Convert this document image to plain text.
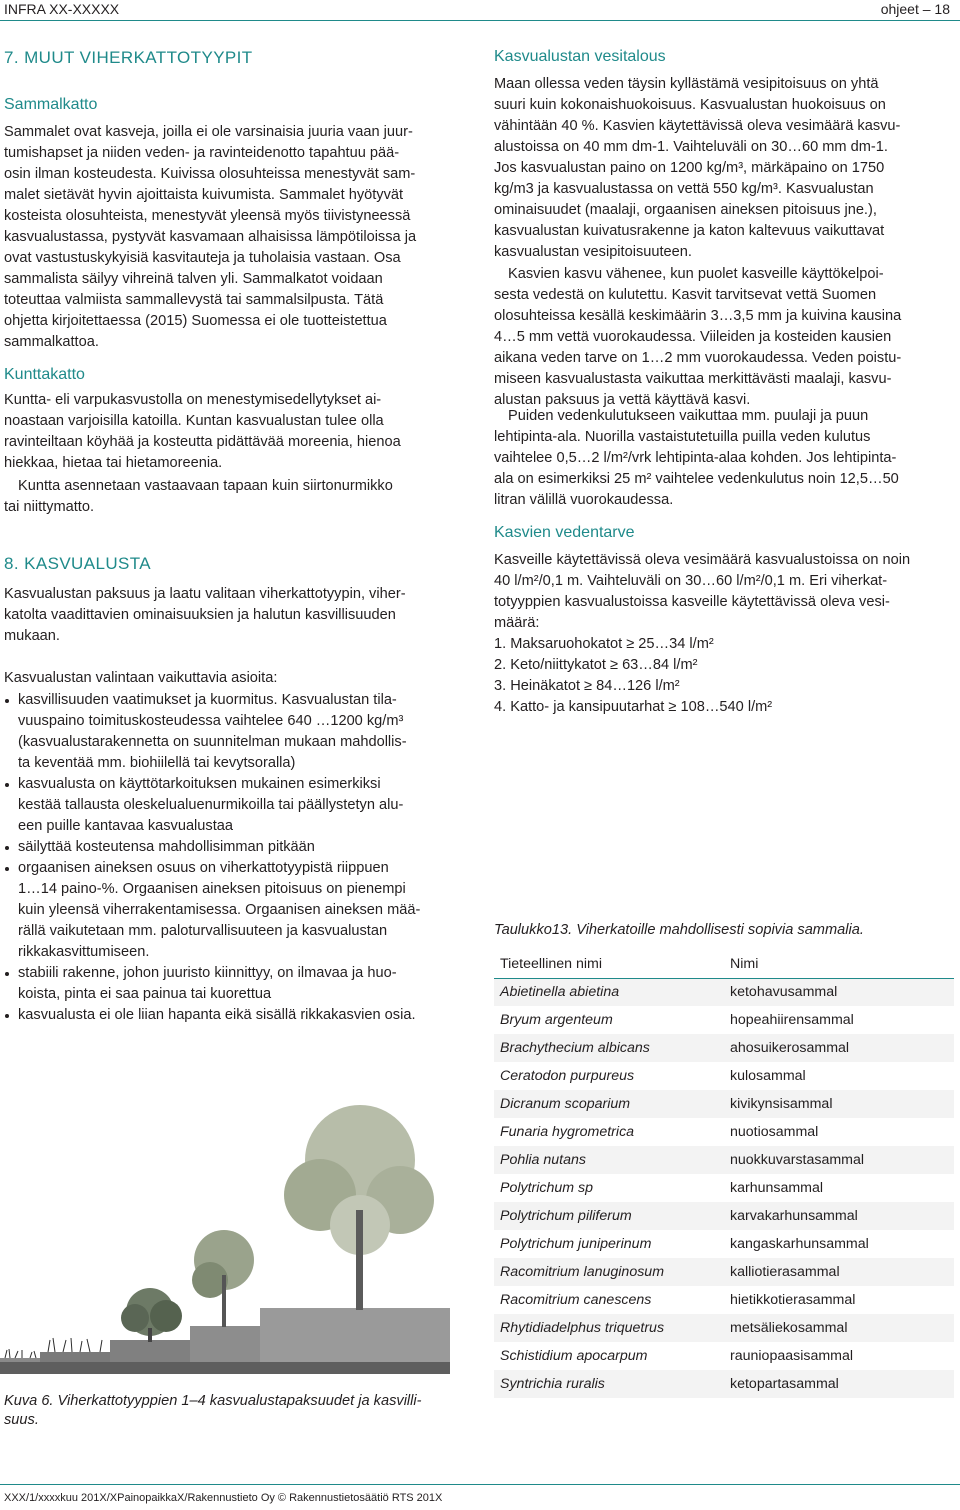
INFRA XX-XXXXX	ohjeet – 18
7. MUUT VIHERKATTOTYYPIT
Sammalkatto
Sammalet ovat kasveja, joilla ei ole varsinaisia juuria vaan juur-
tumishapset ja niiden veden- ja ravinteidenotto tapahtuu pää-
osin ilman kosteudesta. Kuivissa olosuhteissa menestyvät sam-
malet sietävät hyvin ajoittaista kuivumista. Sammalet hyötyvät
kosteista olosuhteista, menestyvät yleensä myös tiivistyneessä
kasvualustassa, pystyvät kasvamaan alhaisissa lämpötiloissa ja
ovat vastustuskykyisiä kasvitauteja ja tuholaisia vastaan. Osa
sammalista säilyy vihreinä talven yli. Sammalkatot voidaan
toteuttaa valmiista sammallevystä tai sammalsilpusta. Tätä
ohjetta kirjoitettaessa (2015) Suomessa ei ole tuotteistettua
sammalkattoa.
Kunttakatto
Kuntta- eli varpukasvustolla on menestymisedellytykset ai-
noastaan varjoisilla katoilla. Kuntan kasvualustan tulee olla
ravinteiltaan köyhää ja kosteutta pidättävää moreenia, hienoa
hiekkaa, hietaa tai hietamoreenia.
Kuntta asennetaan vastaavaan tapaan kuin siirtonurmikko
tai niittymatto.
8. KASVUALUSTA
Kasvualustan paksuus ja laatu valitaan viherkattotyypin, viher-
katolta vaadittavien ominaisuuksien ja halutun kasvillisuuden
mukaan.
Kasvualustan valintaan vaikuttavia asioita:
kasvillisuuden vaatimukset ja kuormitus. Kasvualustan tila-
vuuspaino toimituskosteudessa vaihtelee 640 …1200 kg/m³
(kasvualustarakennetta on suunnitelman mukaan mahdollis-
ta keventää mm. biohiilellä tai kevytsoralla)
kasvualusta on käyttötarkoituksen mukainen esimerkiksi
kestää tallausta oleskelualuenurmikoilla tai päällystetyn alu-
een puille kantavaa kasvualustaa
säilyttää kosteutensa mahdollisimman pitkään
orgaanisen aineksen osuus on viherkattotyypistä riippuen
1…14 paino-%. Orgaanisen aineksen pitoisuus on pienempi
kuin yleensä viherrakentamisessa. Orgaanisen aineksen mää-
rällä vaikutetaan mm. paloturvallisuuteen ja kasvualustan
rikkakasvittumiseen.
stabiili rakenne, johon juuristo kiinnittyy, on ilmavaa ja huo-
koista, pinta ei saa painua tai kuorettua
kasvualusta ei ole liian hapanta eikä sisällä rikkakasvien osia.
Kuva 6. Viherkattotyyppien 1–4 kasvualustapaksuudet ja kasvilli-
suus.
Kasvualustan vesitalous
Maan ollessa veden täysin kyllästämä vesipitoisuus on yhtä
suuri kuin kokonaishuokoisuus. Kasvualustan huokoisuus on
vähintään 40 %. Kasvien käytettävissä oleva vesimäärä kasvu-
alustoissa on 40 mm dm-1. Vaihteluväli on 30…60 mm dm-1.
Jos kasvualustan paino on 1200 kg/m³, märkäpaino on 1750
kg/m3 ja kasvualustassa on vettä 550 kg/m³. Kasvualustan
ominaisuudet (maalaji, orgaanisen aineksen pitoisuus jne.),
kasvualustan kuivatusrakenne ja katon kaltevuus vaikuttavat
kasvualustan vesipitoisuuteen.
Kasvien kasvu vähenee, kun puolet kasveille käyttökelpoi-
sesta vedestä on kulutettu. Kasvit tarvitsevat vettä Suomen
olosuhteissa kesällä keskimäärin 3…3,5 mm ja kuivina kausina
4…5 mm vettä vuorokaudessa. Viileiden ja kosteiden kausien
aikana veden tarve on 1…2 mm vuorokaudessa. Veden poistu-
miseen kasvualustasta vaikuttaa merkittävästi maalaji, kasvu-
alustan paksuus ja vettä käyttävä kasvi.
Puiden vedenkulutukseen vaikuttaa mm. puulaji ja puun
lehtipinta-ala. Nuorilla vastaistutetuilla puilla veden kulutus
vaihtelee 0,5…2 l/m²/vrk lehtipinta-alaa kohden. Jos lehtipinta-
ala on esimerkiksi 25 m² vaihtelee vedenkulutus noin 12,5…50
litran välillä vuorokaudessa.
Kasvien vedentarve
Kasveille käytettävissä oleva vesimäärä kasvualustoissa on noin
40 l/m²/0,1 m. Vaihteluväli on 30…60 l/m²/0,1 m. Eri viherkat-
totyyppien kasvualustoissa kasveille käytettävissä oleva vesi-
määrä:
1. Maksaruohokatot ≥ 25…34 l/m²
2. Keto/niittykatot ≥ 63…84 l/m²
3. Heinäkatot ≥ 84…126 l/m²
4. Katto- ja kansipuutarhat ≥ 108…540 l/m²
Taulukko13. Viherkatoille mahdollisesti sopivia sammalia.
Tieteellinen nimi	Nimi
Abietinella abietina	ketohavusammal
Bryum argenteum	hopeahiirensammal
Brachythecium albicans	ahosuikerosammal
Ceratodon purpureus	kulosammal
Dicranum scoparium	kivikynsisammal
Funaria hygrometrica	nuotiosammal
Pohlia nutans	nuokkuvarstasammal
Polytrichum sp	karhunsammal
Polytrichum piliferum	karvakarhunsammal
Polytrichum juniperinum	kangaskarhunsammal
Racomitrium lanuginosum	kalliotierasammal
Racomitrium canescens	hietikkotierasammal
Rhytidiadelphus triquetrus	metsäliekosammal
Schistidium apocarpum	rauniopaasisammal
Syntrichia ruralis	ketopartasammal
XXX/1/xxxxkuu 201X/XPainopaikkaX/Rakennustieto Oy © Rakennustietosäätiö RTS 201X
